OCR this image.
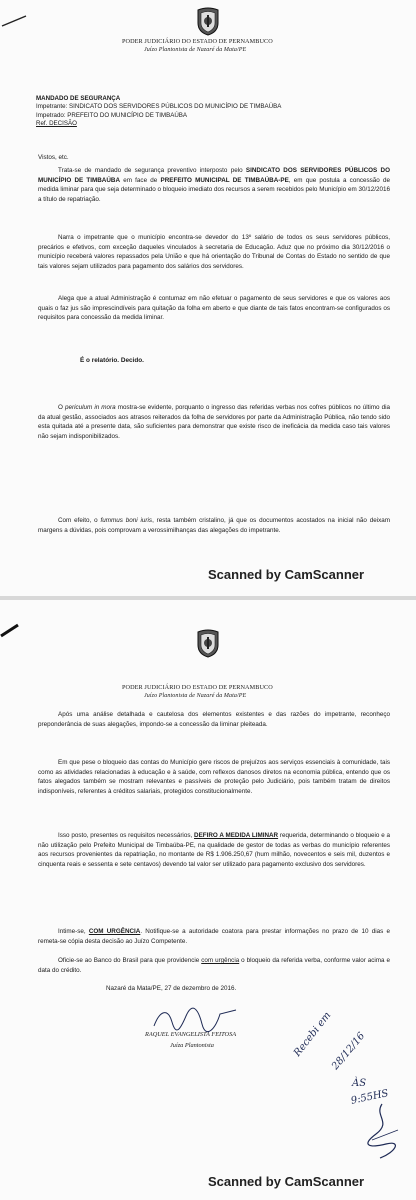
PODER JUDICIÁRIO DO ESTADO DE PERNAMBUCO
Juízo Plantonista de Nazaré da Mata/PE
MANDADO DE SEGURANÇA
Impetrante: SINDICATO DOS SERVIDORES PÚBLICOS DO MUNICÍPIO DE TIMBAÚBA
Impetrado: PREFEITO DO MUNICÍPIO DE TIMBAÚBA
Ref. DECISÃO
Vistos, etc.
Trata-se de mandado de segurança preventivo interposto pelo SINDICATO DOS SERVIDORES PÚBLICOS DO MUNICÍPIO DE TIMBAÚBA em face de PREFEITO MUNICIPAL DE TIMBAÚBA-PE, em que postula a concessão de medida liminar para que seja determinado o bloqueio imediato dos recursos a serem recebidos pelo Município em 30/12/2016 a título de repatriação.
Narra o impetrante que o município encontra-se devedor do 13º salário de todos os seus servidores públicos, precários e efetivos, com exceção daqueles vinculados à secretaria de Educação. Aduz que no próximo dia 30/12/2016 o município receberá valores repassados pela União e que há orientação do Tribunal de Contas do Estado no sentido de que tais valores sejam utilizados para pagamento dos salários dos servidores.
Alega que a atual Administração é contumaz em não efetuar o pagamento de seus servidores e que os valores aos quais o faz jus são imprescindíveis para quitação da folha em aberto e que diante de tais fatos encontram-se configurados os requisitos para concessão da medida liminar.
É o relatório. Decido.
O periculum in mora mostra-se evidente, porquanto o ingresso das referidas verbas nos cofres públicos no último dia da atual gestão, associados aos atrasos reiterados da folha de servidores por parte da Administração Pública, não tendo sido esta quitada até a presente data, são suficientes para demonstrar que existe risco de ineficácia da medida caso tais valores não sejam indisponibilizados.
Com efeito, o fummus boni iuris, resta também cristalino, já que os documentos acostados na inicial não deixam margens a dúvidas, pois comprovam a verossimilhanças das alegações do impetrante.
Scanned by CamScanner
PODER JUDICIÁRIO DO ESTADO DE PERNAMBUCO
Juízo Plantonista de Nazaré da Mata/PE
Após uma análise detalhada e cautelosa dos elementos existentes e das razões do impetrante, reconheço preponderância de suas alegações, impondo-se a concessão da liminar pleiteada.
Em que pese o bloqueio das contas do Município gere riscos de prejuízos aos serviços essenciais à comunidade, tais como as atividades relacionadas à educação e à saúde, com reflexos danosos diretos na economia pública, entendo que os fatos alegados também se mostram relevantes e passíveis de proteção pelo Judiciário, pois também tratam de direitos indisponíveis, referentes à créditos salariais, protegidos constitucionalmente.
Isso posto, presentes os requisitos necessários, DEFIRO A MEDIDA LIMINAR requerida, determinando o bloqueio e a não utilização pelo Prefeito Municipal de Timbaúba-PE, na qualidade de gestor de todas as verbas do município referentes aos recursos provenientes da repatriação, no montante de R$ 1.906.250,67 (hum milhão, novecentos e seis mil, duzentos e cinquenta reais e sessenta e sete centavos) devendo tal valor ser utilizado para pagamento exclusivo dos servidores.
Intime-se, COM URGÊNCIA. Notifique-se a autoridade coatora para prestar informações no prazo de 10 dias e remeta-se cópia desta decisão ao Juízo Competente.
Oficie-se ao Banco do Brasil para que providencie com urgência o bloqueio da referida verba, conforme valor acima e data do crédito.
Nazaré da Mata/PE, 27 de dezembro de 2016.
RAQUEL EVANGELISTA FEITOSA
Juíza Plantonista	Recebi em
28/12/16
ÀS
9:55HS
Scanned by CamScanner
